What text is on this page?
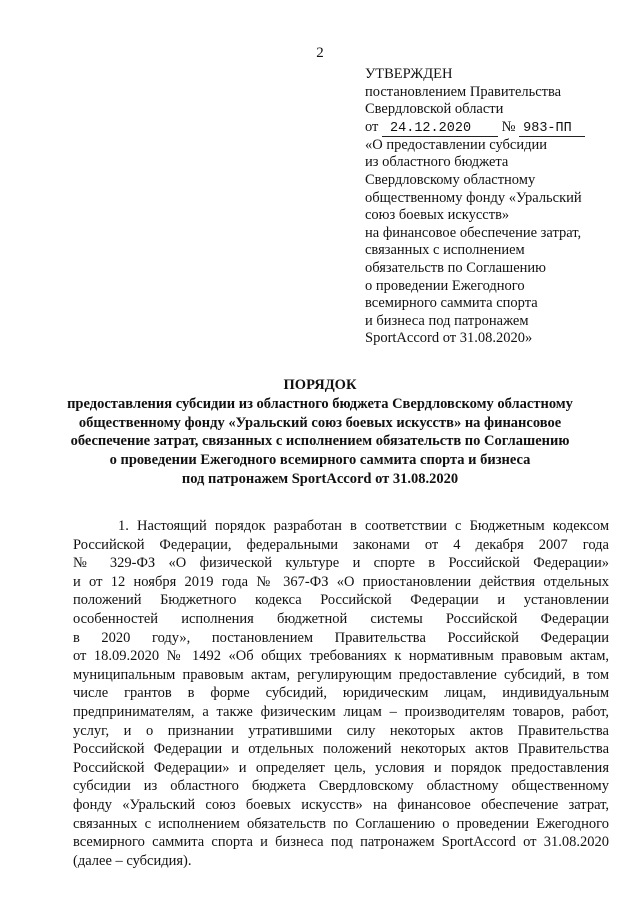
2
УТВЕРЖДЕН
постановлением Правительства
Свердловской области
от 24.12.2020 № 983-ПП
«О предоставлении субсидии
из областного бюджета
Свердловскому областному
общественному фонду «Уральский
союз боевых искусств»
на финансовое обеспечение затрат,
связанных с исполнением
обязательств по Соглашению
о проведении Ежегодного
всемирного саммита спорта
и бизнеса под патронажем
SportAccord от 31.08.2020»
ПОРЯДОК
предоставления субсидии из областного бюджета Свердловскому областному
общественному фонду «Уральский союз боевых искусств» на финансовое
обеспечение затрат, связанных с исполнением обязательств по Соглашению
о проведении Ежегодного всемирного саммита спорта и бизнеса
под патронажем SportAccord от 31.08.2020
1. Настоящий порядок разработан в соответствии с Бюджетным кодексом
Российской Федерации, федеральными законами от 4 декабря 2007 года
№ 329-ФЗ «О физической культуре и спорте в Российской Федерации»
и от 12 ноября 2019 года № 367-ФЗ «О приостановлении действия отдельных
положений Бюджетного кодекса Российской Федерации и установлении
особенностей исполнения бюджетной системы Российской Федерации
в 2020 году», постановлением Правительства Российской Федерации
от 18.09.2020 № 1492 «Об общих требованиях к нормативным правовым актам,
муниципальным правовым актам, регулирующим предоставление субсидий, в том
числе грантов в форме субсидий, юридическим лицам, индивидуальным
предпринимателям, а также физическим лицам – производителям товаров, работ,
услуг, и о признании утратившими силу некоторых актов Правительства
Российской Федерации и отдельных положений некоторых актов Правительства
Российской Федерации» и определяет цель, условия и порядок предоставления
субсидии из областного бюджета Свердловскому областному общественному
фонду «Уральский союз боевых искусств» на финансовое обеспечение затрат,
связанных с исполнением обязательств по Соглашению о проведении Ежегодного
всемирного саммита спорта и бизнеса под патронажем SportAccord от 31.08.2020
(далее – субсидия).
